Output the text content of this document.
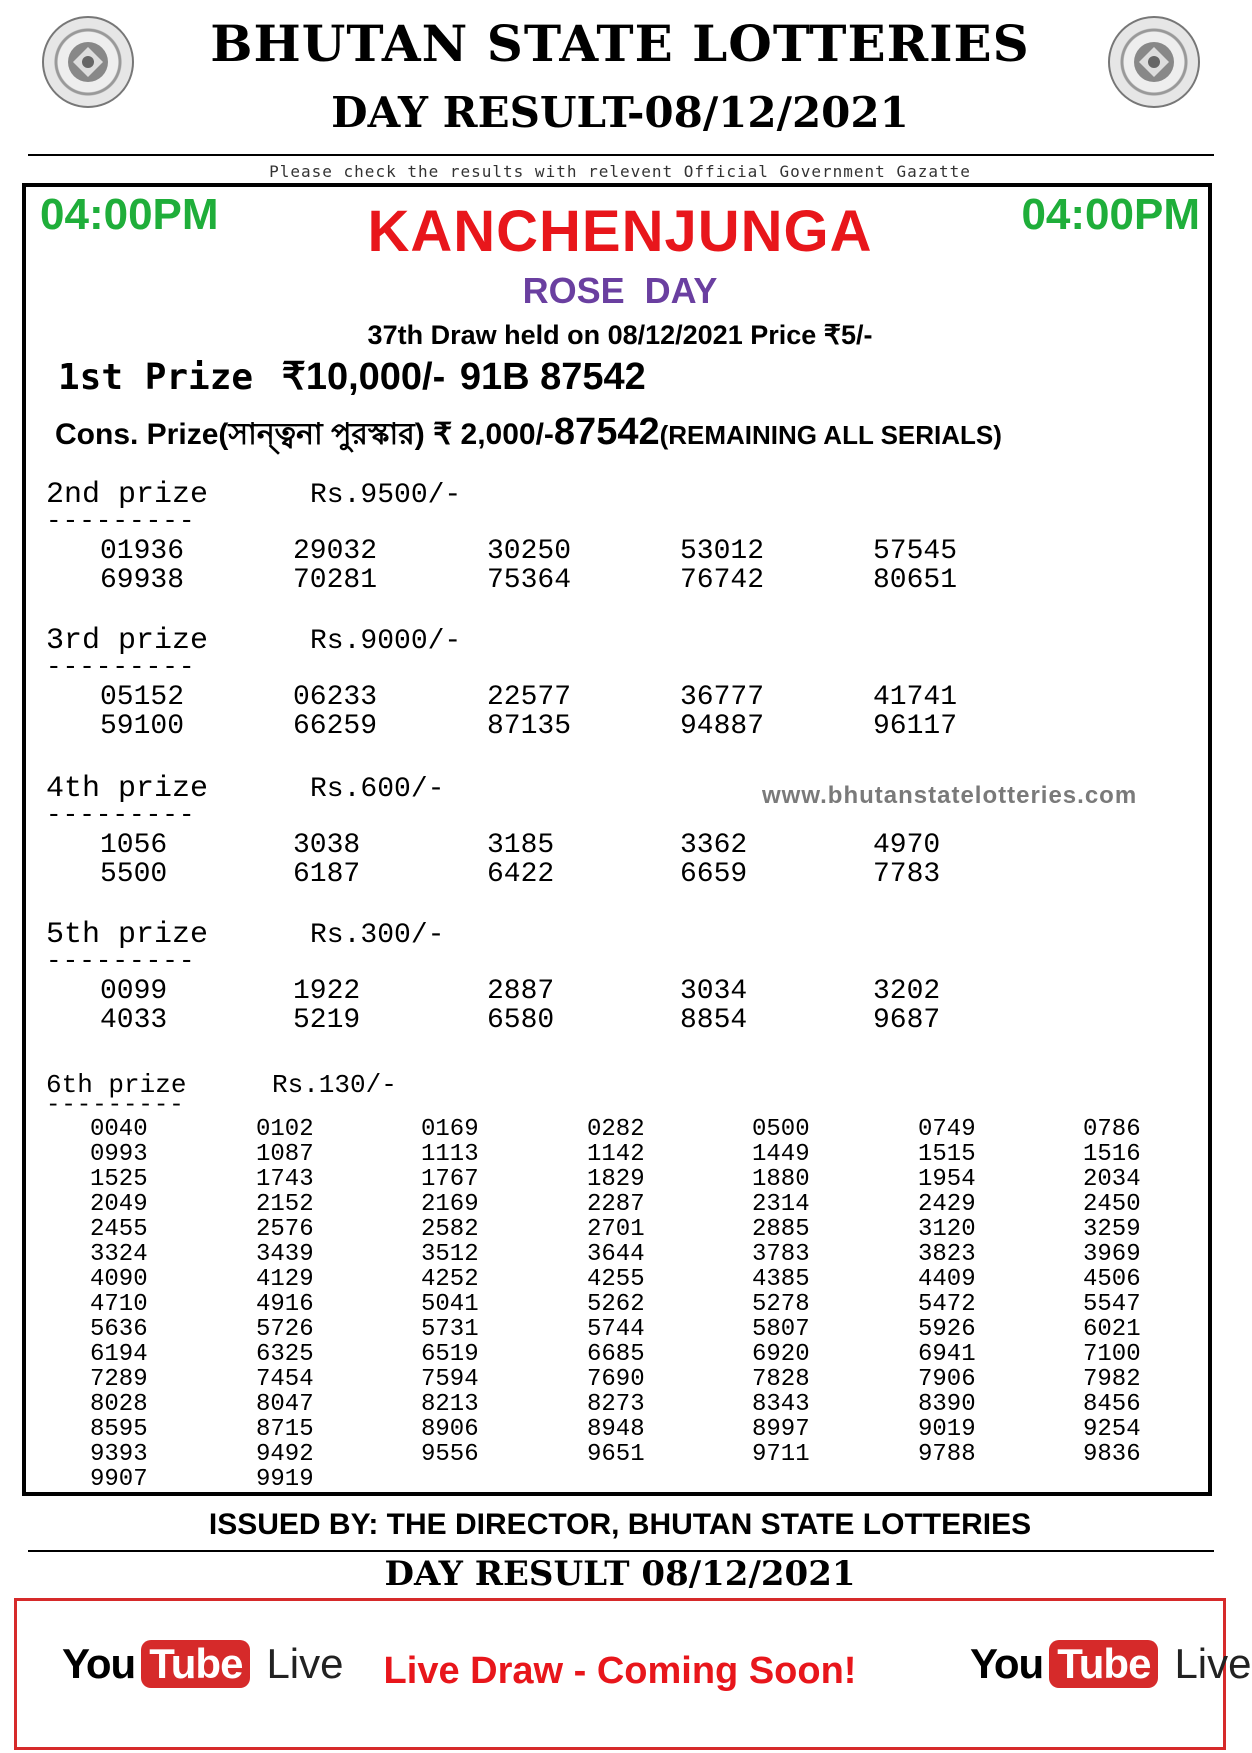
BHUTAN STATE LOTTERIES
DAY RESULT-08/12/2021
Please check the results with relevent Official Government Gazatte
04:00PM	04:00PM
KANCHENJUNGA
ROSE  DAY
37th Draw held on 08/12/2021 Price ₹5/-
1st Prize ₹10,000/- 91B 87542
Cons. Prize(সান্ত্বনা পুরস্কার) ₹ 2,000/-87542(REMAINING ALL SERIALS)
2nd prize	Rs.9500/-
---------
01936	29032	30250	53012	57545
69938	70281	75364	76742	80651
3rd prize	Rs.9000/-
---------
05152	06233	22577	36777	41741
59100	66259	87135	94887	96117
4th prize	Rs.600/-
---------
1056	3038	3185	3362	4970
5500	6187	6422	6659	7783
5th prize	Rs.300/-
---------
0099	1922	2887	3034	3202
4033	5219	6580	8854	9687
www.bhutanstatelotteries.com
6th prize	Rs.130/-
---------
0040	0102	0169	0282	0500	0749	0786
0993	1087	1113	1142	1449	1515	1516
1525	1743	1767	1829	1880	1954	2034
2049	2152	2169	2287	2314	2429	2450
2455	2576	2582	2701	2885	3120	3259
3324	3439	3512	3644	3783	3823	3969
4090	4129	4252	4255	4385	4409	4506
4710	4916	5041	5262	5278	5472	5547
5636	5726	5731	5744	5807	5926	6021
6194	6325	6519	6685	6920	6941	7100
7289	7454	7594	7690	7828	7906	7982
8028	8047	8213	8273	8343	8390	8456
8595	8715	8906	8948	8997	9019	9254
9393	9492	9556	9651	9711	9788	9836
9907	9919
ISSUED BY: THE DIRECTOR, BHUTAN STATE LOTTERIES
DAY RESULT 08/12/2021
You Tube Live	Live Draw - Coming Soon!	You Tube Live
